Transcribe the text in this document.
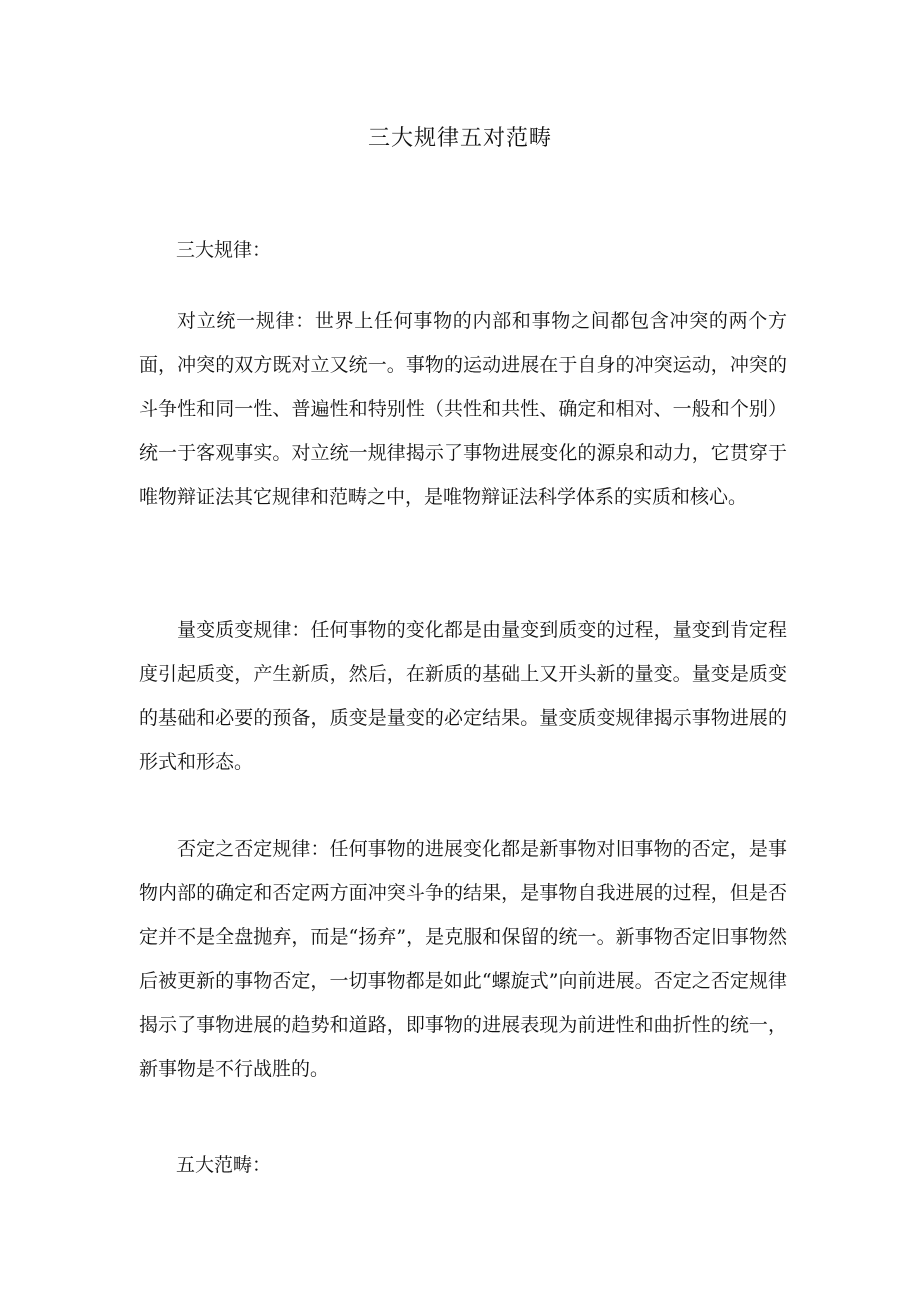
三大规律五对范畴

三大规律：

对立统一规律：世界上任何事物的内部和事物之间都包含冲突的两个方面，冲突的双方既对立又统一。事物的运动进展在于自身的冲突运动，冲突的斗争性和同一性、普遍性和特别性（共性和共性、确定和相对、一般和个别）统一于客观事实。对立统一规律揭示了事物进展变化的源泉和动力，它贯穿于唯物辩证法其它规律和范畴之中，是唯物辩证法科学体系的实质和核心。

量变质变规律：任何事物的变化都是由量变到质变的过程，量变到肯定程度引起质变，产生新质，然后，在新质的基础上又开头新的量变。量变是质变的基础和必要的预备，质变是量变的必定结果。量变质变规律揭示事物进展的形式和形态。

否定之否定规律：任何事物的进展变化都是新事物对旧事物的否定，是事物内部的确定和否定两方面冲突斗争的结果，是事物自我进展的过程，但是否定并不是全盘抛弃，而是“扬弃”，是克服和保留的统一。新事物否定旧事物然后被更新的事物否定，一切事物都是如此“螺旋式”向前进展。否定之否定规律揭示了事物进展的趋势和道路，即事物的进展表现为前进性和曲折性的统一，新事物是不行战胜的。

五大范畴：
